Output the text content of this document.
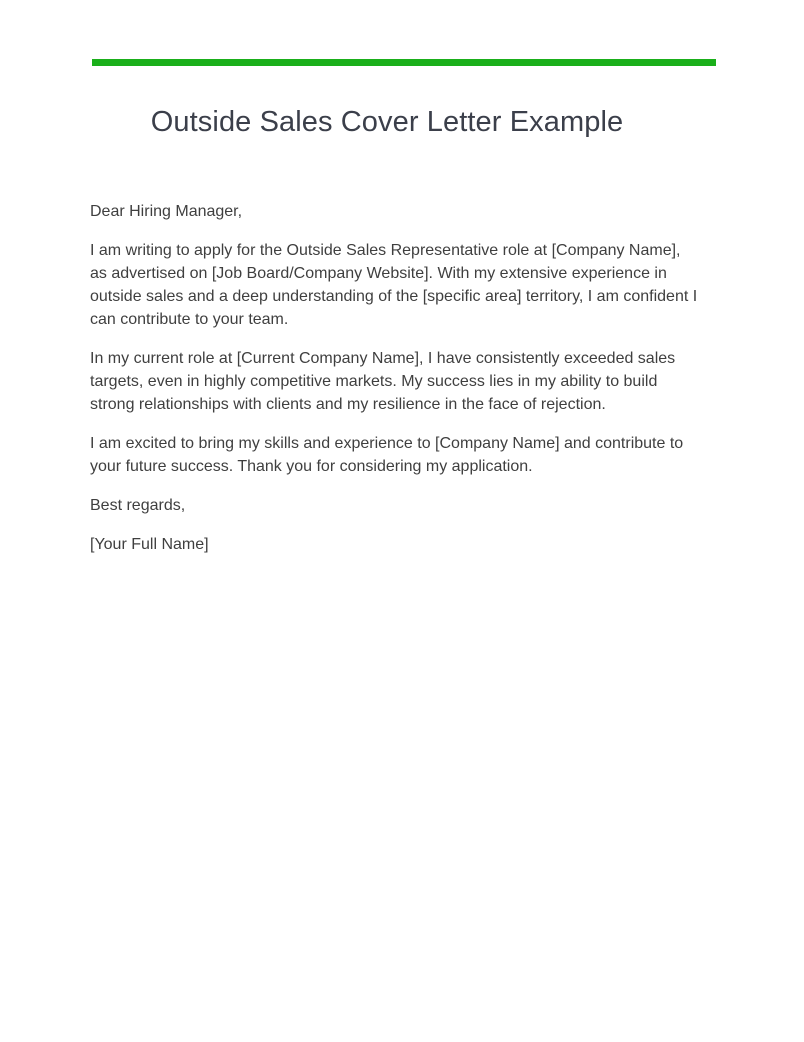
Outside Sales Cover Letter Example

Dear Hiring Manager,

I am writing to apply for the Outside Sales Representative role at [Company Name], as advertised on [Job Board/Company Website]. With my extensive experience in outside sales and a deep understanding of the [specific area] territory, I am confident I can contribute to your team.

In my current role at [Current Company Name], I have consistently exceeded sales targets, even in highly competitive markets. My success lies in my ability to build strong relationships with clients and my resilience in the face of rejection.

I am excited to bring my skills and experience to [Company Name] and contribute to your future success. Thank you for considering my application.

Best regards,

[Your Full Name]
